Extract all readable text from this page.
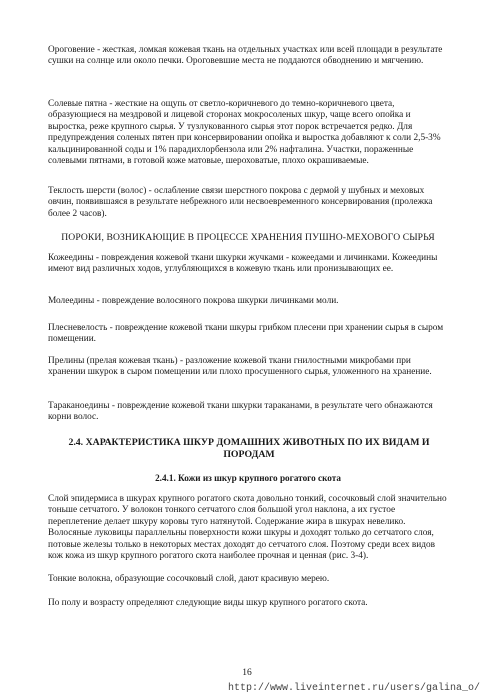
Ороговение - жесткая, ломкая кожевая ткань на отдельных участках или всей площади в результате сушки на солнце или около печки. Ороговевшие места не поддаются обводнению и мягчению.

Солевые пятна - жесткие на ощупь от светло-коричневого до темно-коричневого цвета, образующиеся на мездровой и лицевой сторонах мокросоленых шкур, чаще всего опойка и выростка, реже крупного сырья. У тузлукованного сырья этот порок встречается редко. Для предупреждения соленых пятен при консервировании опойка и выростка добавляют к соли 2,5-3% кальцинированной соды и 1% парадихлорбензола или 2% нафталина. Участки, пораженные солевыми пятнами, в готовой коже матовые, шероховатые, плохо окрашиваемые.

Теклость шерсти (волос) - ослабление связи шерстного покрова с дермой у шубных и меховых овчин, появившаяся в результате небрежного или несвоевременного консервирования (пролежка более 2 часов).

ПОРОКИ, ВОЗНИКАЮЩИЕ В ПРОЦЕССЕ ХРАНЕНИЯ ПУШНО-МЕХОВОГО СЫРЬЯ

Кожеедины - повреждения кожевой ткани шкурки жучками - кожеедами и личинками. Кожеедины имеют вид различных ходов, углубляющихся в кожевую ткань или пронизывающих ее.

Молеедины - повреждение волосяного покрова шкурки личинками моли.

Плесневелость - повреждение кожевой ткани шкуры грибком плесени при хранении сырья в сыром помещении.

Прелины (прелая кожевая ткань) - разложение кожевой ткани гнилостными микробами при хранении шкурок в сыром помещении или плохо просушенного сырья, уложенного на хранение.

Тараканоедины - повреждение кожевой ткани шкурки тараканами, в результате чего обнажаются корни волос.

2.4. ХАРАКТЕРИСТИКА ШКУР ДОМАШНИХ ЖИВОТНЫХ ПО ИХ ВИДАМ И ПОРОДАМ
2.4.1. Кожи из шкур крупного рогатого скота

Слой эпидермиса в шкурах крупного рогатого скота довольно тонкий, сосочковый слой значительно тоньше сетчатого. У волокон тонкого сетчатого слоя большой угол наклона, а их густое переплетение делает шкуру коровы туго натянутой. Содержание жира в шкурах невелико. Волосяные луковицы параллельны поверхности кожи шкуры и доходят только до сетчатого слоя, потовые железы только в некоторых местах доходят до сетчатого слоя. Поэтому среди всех видов кож кожа из шкур крупного рогатого скота наиболее прочная и ценная (рис. 3-4).

Тонкие волокна, образующие сосочковый слой, дают красивую мерею.

По полу и возрасту определяют следующие виды шкур крупного рогатого скота.

16
http://www.liveinternet.ru/users/galina_o/
